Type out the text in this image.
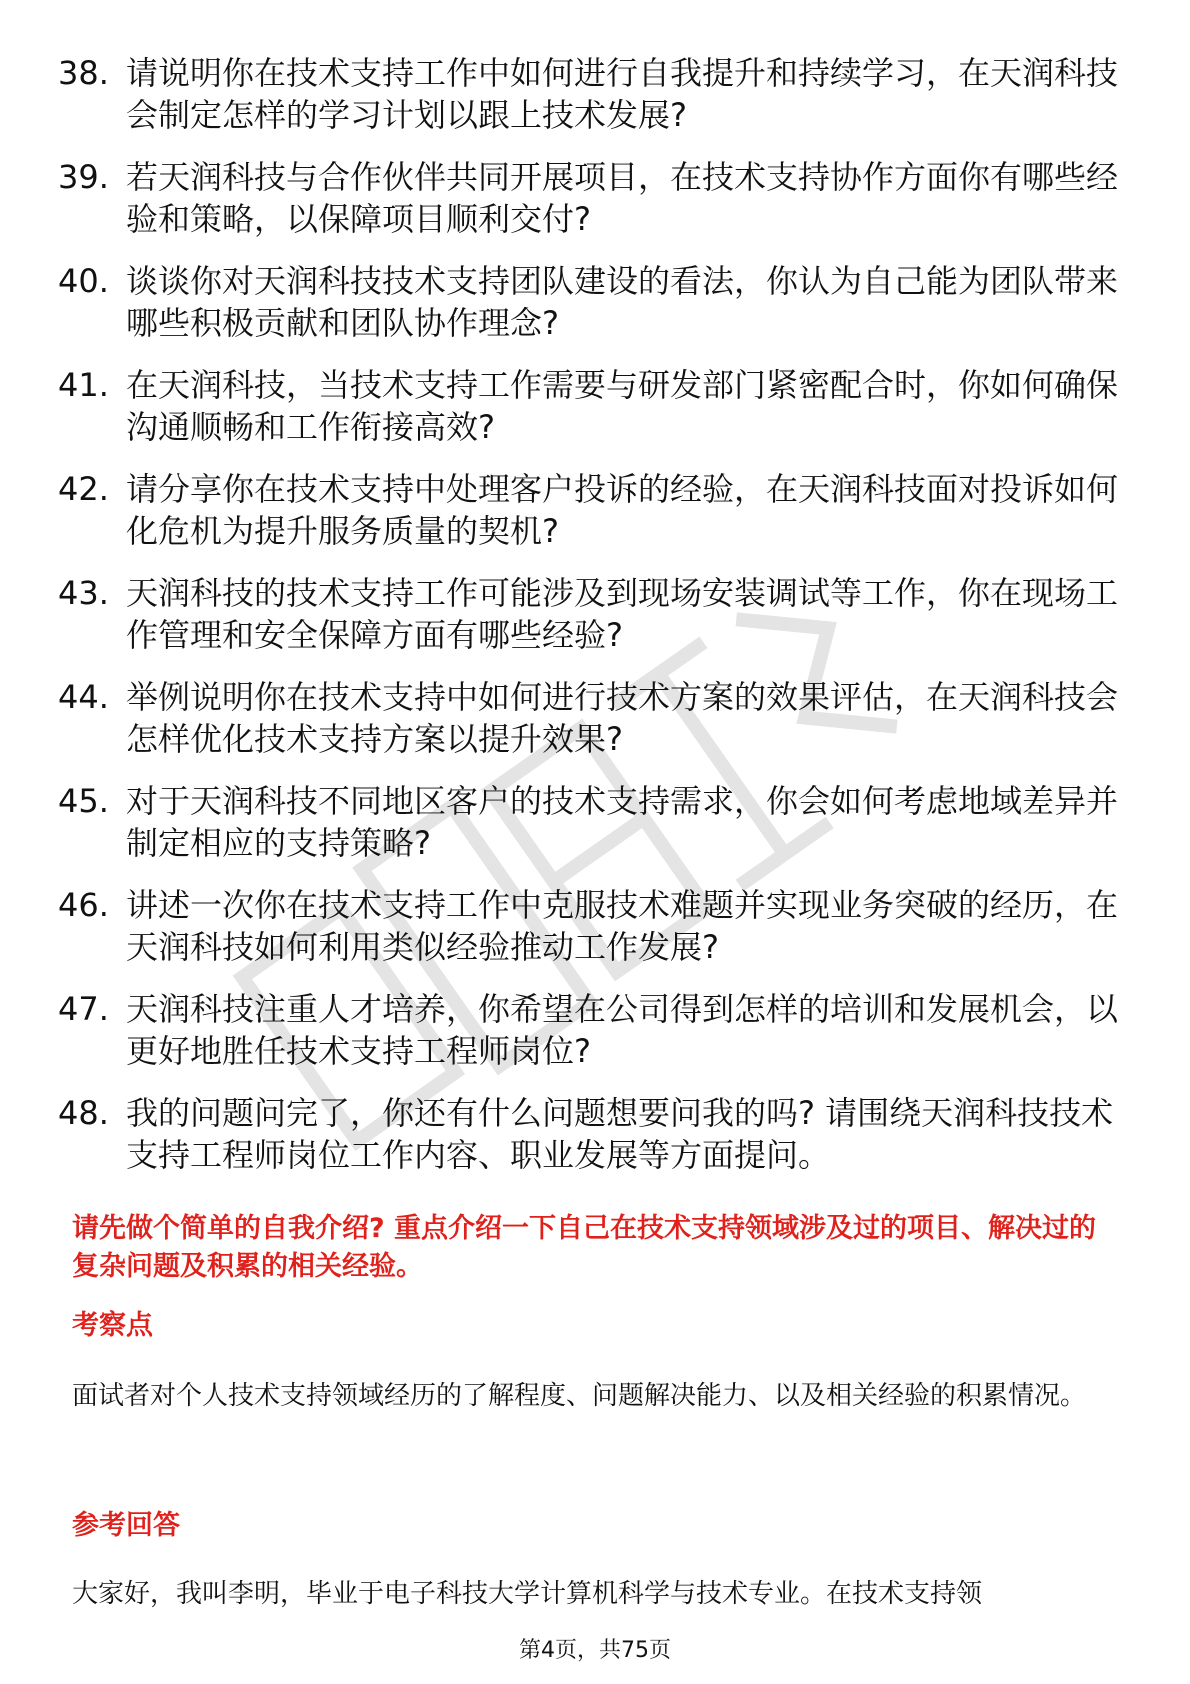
38. 请说明你在技术支持工作中如何进行自我提升和持续学习，在天润科技会制定怎样的学习计划以跟上技术发展?
39. 若天润科技与合作伙伴共同开展项目，在技术支持协作方面你有哪些经验和策略，以保障项目顺利交付?
40. 谈谈你对天润科技技术支持团队建设的看法，你认为自己能为团队带来哪些积极贡献和团队协作理念?
41. 在天润科技，当技术支持工作需要与研发部门紧密配合时，你如何确保沟通顺畅和工作衔接高效?
42. 请分享你在技术支持中处理客户投诉的经验，在天润科技面对投诉如何化危机为提升服务质量的契机?
43. 天润科技的技术支持工作可能涉及到现场安装调试等工作，你在现场工作管理和安全保障方面有哪些经验?
44. 举例说明你在技术支持中如何进行技术方案的效果评估，在天润科技会怎样优化技术支持方案以提升效果?
45. 对于天润科技不同地区客户的技术支持需求，你会如何考虑地域差异并制定相应的支持策略?
46. 讲述一次你在技术支持工作中克服技术难题并实现业务突破的经历，在天润科技如何利用类似经验推动工作发展?
47. 天润科技注重人才培养，你希望在公司得到怎样的培训和发展机会，以更好地胜任技术支持工程师岗位?
48. 我的问题问完了，你还有什么问题想要问我的吗? 请围绕天润科技技术支持工程师岗位工作内容、职业发展等方面提问。

请先做个简单的自我介绍? 重点介绍一下自己在技术支持领域涉及过的项目、解决过的复杂问题及积累的相关经验。

考察点

面试者对个人技术支持领域经历的了解程度、问题解决能力、以及相关经验的积累情况。

参考回答

大家好，我叫李明，毕业于电子科技大学计算机科学与技术专业。在技术支持领

第4页，共75页
